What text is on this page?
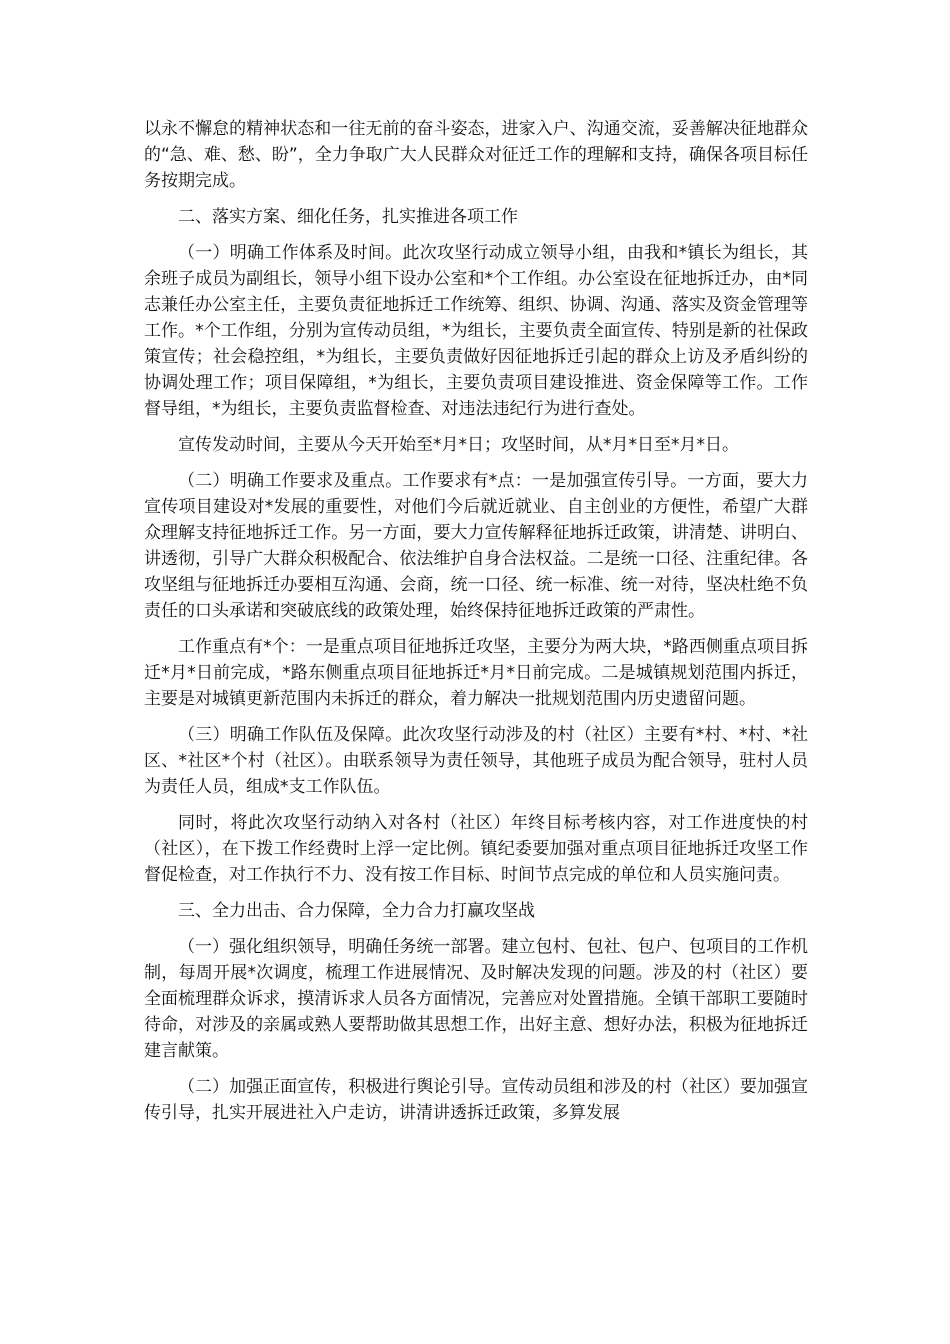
以永不懈怠的精神状态和一往无前的奋斗姿态，进家入户、沟通交流，妥善解决征地群众的“急、难、愁、盼”，全力争取广大人民群众对征迁工作的理解和支持，确保各项目标任务按期完成。

二、落实方案、细化任务，扎实推进各项工作

（一）明确工作体系及时间。此次攻坚行动成立领导小组，由我和*镇长为组长，其余班子成员为副组长，领导小组下设办公室和*个工作组。办公室设在征地拆迁办，由*同志兼任办公室主任，主要负责征地拆迁工作统筹、组织、协调、沟通、落实及资金管理等工作。*个工作组，分别为宣传动员组，*为组长，主要负责全面宣传、特别是新的社保政策宣传；社会稳控组，*为组长，主要负责做好因征地拆迁引起的群众上访及矛盾纠纷的协调处理工作；项目保障组，*为组长，主要负责项目建设推进、资金保障等工作。工作督导组，*为组长，主要负责监督检查、对违法违纪行为进行查处。

宣传发动时间，主要从今天开始至*月*日；攻坚时间，从*月*日至*月*日。

（二）明确工作要求及重点。工作要求有*点：一是加强宣传引导。一方面，要大力宣传项目建设对*发展的重要性，对他们今后就近就业、自主创业的方便性，希望广大群众理解支持征地拆迁工作。另一方面，要大力宣传解释征地拆迁政策，讲清楚、讲明白、讲透彻，引导广大群众积极配合、依法维护自身合法权益。二是统一口径、注重纪律。各攻坚组与征地拆迁办要相互沟通、会商，统一口径、统一标准、统一对待，坚决杜绝不负责任的口头承诺和突破底线的政策处理，始终保持征地拆迁政策的严肃性。

工作重点有*个：一是重点项目征地拆迁攻坚，主要分为两大块，*路西侧重点项目拆迁*月*日前完成，*路东侧重点项目征地拆迁*月*日前完成。二是城镇规划范围内拆迁，主要是对城镇更新范围内未拆迁的群众，着力解决一批规划范围内历史遗留问题。

（三）明确工作队伍及保障。此次攻坚行动涉及的村（社区）主要有*村、*村、*社区、*社区*个村（社区）。由联系领导为责任领导，其他班子成员为配合领导，驻村人员为责任人员，组成*支工作队伍。

同时，将此次攻坚行动纳入对各村（社区）年终目标考核内容，对工作进度快的村（社区），在下拨工作经费时上浮一定比例。镇纪委要加强对重点项目征地拆迁攻坚工作督促检查，对工作执行不力、没有按工作目标、时间节点完成的单位和人员实施问责。

三、全力出击、合力保障，全力合力打赢攻坚战

（一）强化组织领导，明确任务统一部署。建立包村、包社、包户、包项目的工作机制，每周开展*次调度，梳理工作进展情况、及时解决发现的问题。涉及的村（社区）要全面梳理群众诉求，摸清诉求人员各方面情况，完善应对处置措施。全镇干部职工要随时待命，对涉及的亲属或熟人要帮助做其思想工作，出好主意、想好办法，积极为征地拆迁建言献策。

（二）加强正面宣传，积极进行舆论引导。宣传动员组和涉及的村（社区）要加强宣传引导，扎实开展进社入户走访，讲清讲透拆迁政策，多算发展
